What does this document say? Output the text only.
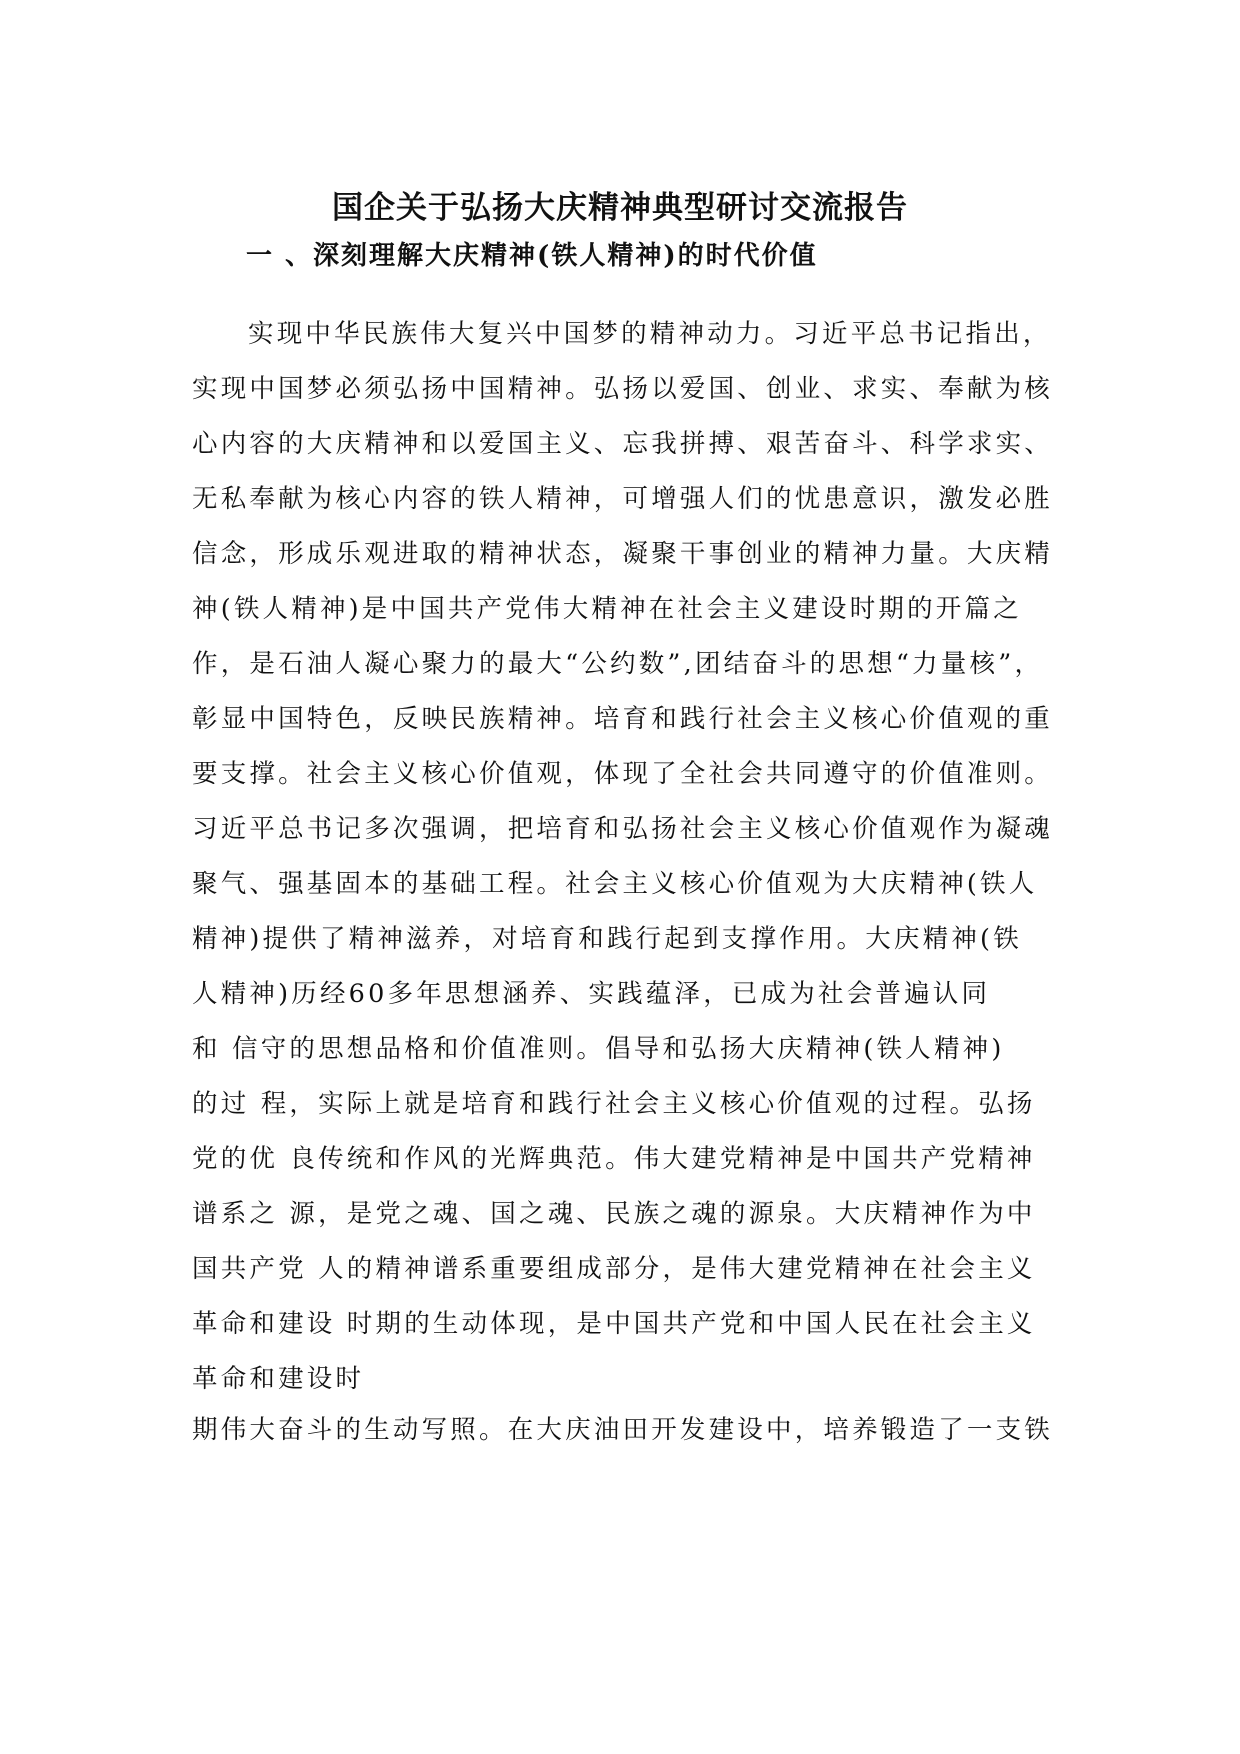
国企关于弘扬大庆精神典型研讨交流报告
一 、深刻理解大庆精神(铁人精神)的时代价值
实现中华民族伟大复兴中国梦的精神动力。习近平总书记指出，
实现中国梦必须弘扬中国精神。弘扬以爱国、创业、求实、奉献为核
心内容的大庆精神和以爱国主义、忘我拼搏、艰苦奋斗、科学求实、
无私奉献为核心内容的铁人精神，可增强人们的忧患意识，激发必胜
信念，形成乐观进取的精神状态，凝聚干事创业的精神力量。大庆精
神(铁人精神)是中国共产党伟大精神在社会主义建设时期的开篇之
作，是石油人凝心聚力的最大“公约数”,团结奋斗的思想“力量核”，
彰显中国特色，反映民族精神。培育和践行社会主义核心价值观的重
要支撑。社会主义核心价值观，体现了全社会共同遵守的价值准则。
习近平总书记多次强调，把培育和弘扬社会主义核心价值观作为凝魂
聚气、强基固本的基础工程。社会主义核心价值观为大庆精神(铁人
精神)提供了精神滋养，对培育和践行起到支撑作用。大庆精神(铁
人精神)历经60多年思想涵养、实践蕴泽，已成为社会普遍认同
和 信守的思想品格和价值准则。倡导和弘扬大庆精神(铁人精神)
的过 程，实际上就是培育和践行社会主义核心价值观的过程。弘扬
党的优 良传统和作风的光辉典范。伟大建党精神是中国共产党精神
谱系之 源，是党之魂、国之魂、民族之魂的源泉。大庆精神作为中
国共产党 人的精神谱系重要组成部分，是伟大建党精神在社会主义
革命和建设 时期的生动体现，是中国共产党和中国人民在社会主义
革命和建设时
期伟大奋斗的生动写照。在大庆油田开发建设中，培养锻造了一支铁
